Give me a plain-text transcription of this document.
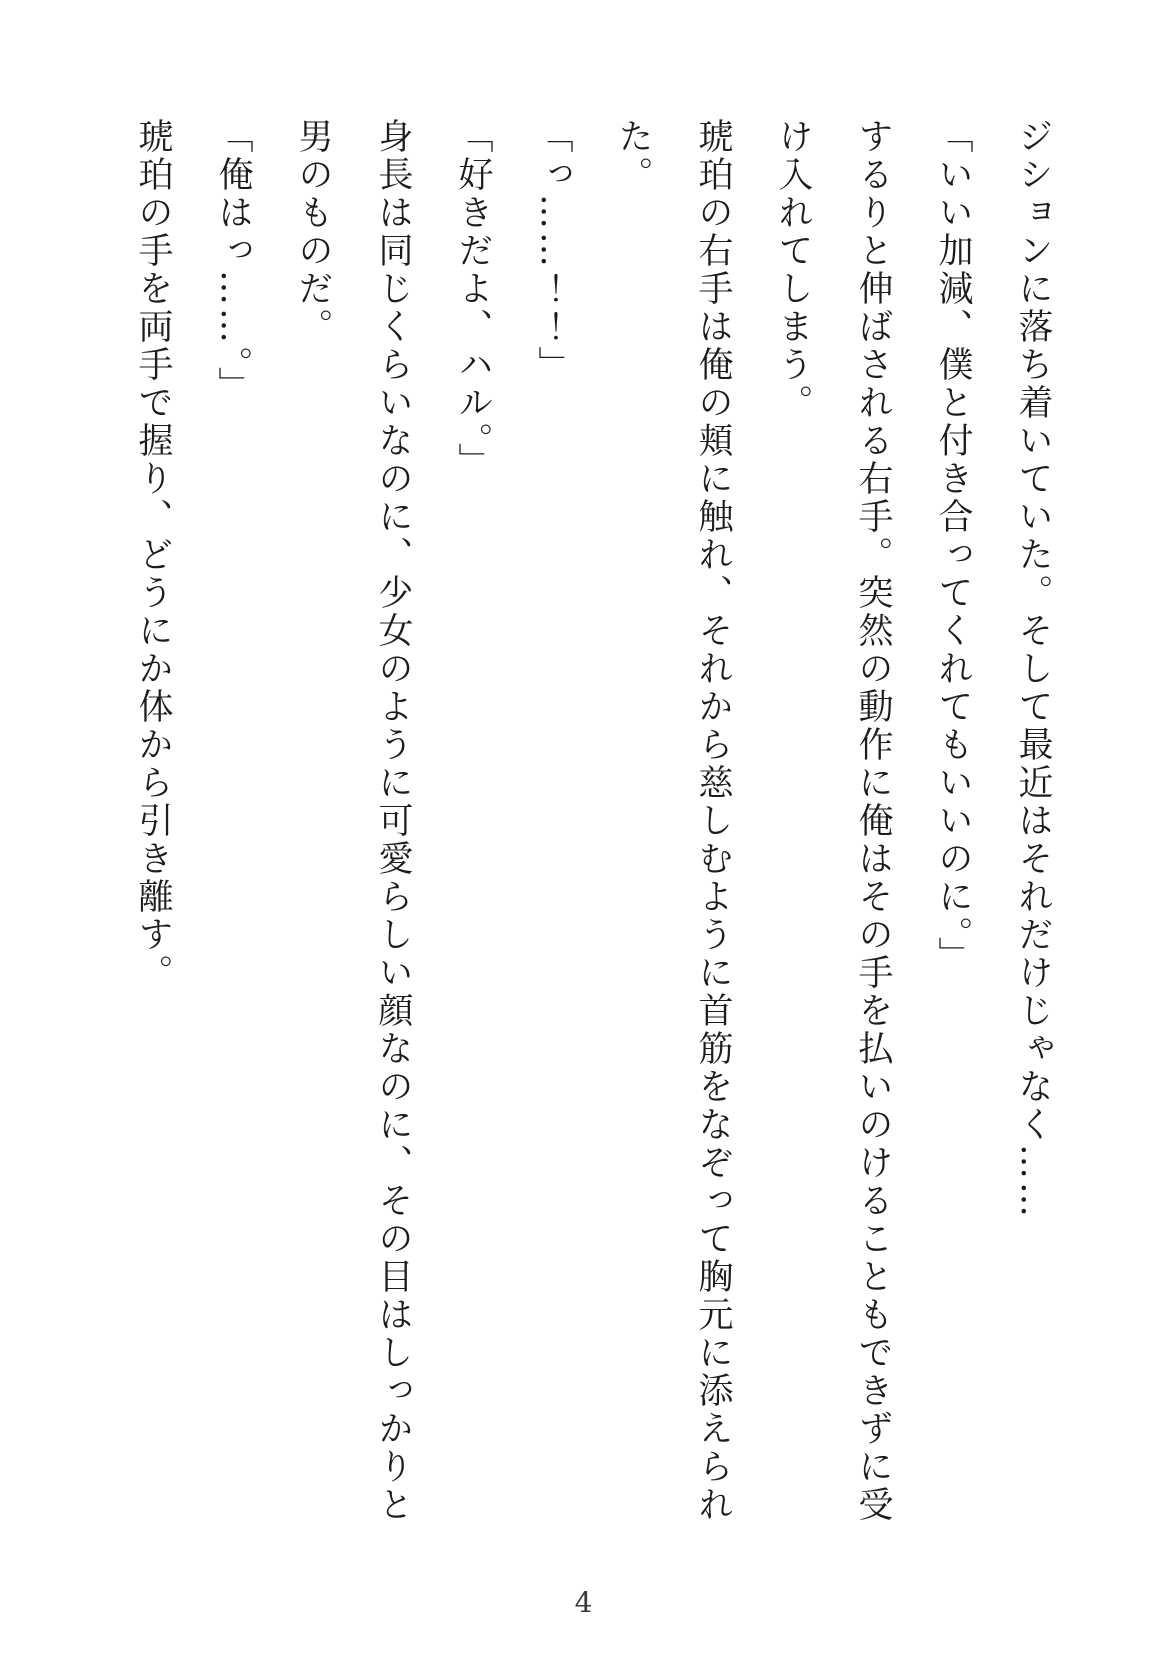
ジションに落ち着いていた。そして最近はそれだけじゃなく……

「いい加減、僕と付き合ってくれてもいいのに。」

するりと伸ばされる右手。突然の動作に俺はその手を払いのけることもできずに受

け入れてしまう。

琥珀の右手は俺の頬に触れ、それから慈しむように首筋をなぞって胸元に添えられ

た。

「っ……！！」

「好きだよ、ハル。」

身長は同じくらいなのに、少女のように可愛らしい顔なのに、その目はしっかりと

男のものだ。

「俺はっ……。」

琥珀の手を両手で握り、どうにか体から引き離す。

4
